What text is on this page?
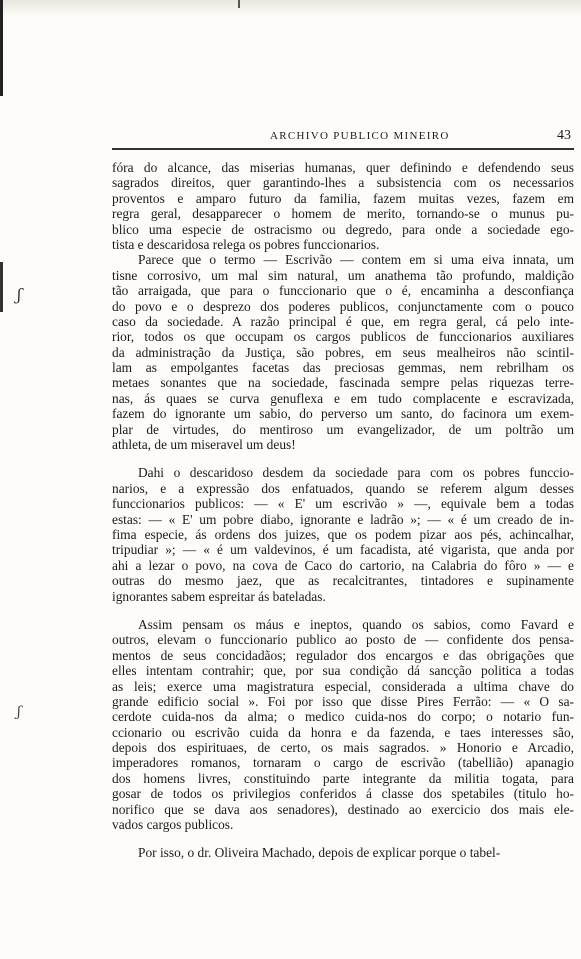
ʃ
ʃ
ARCHIVO PUBLICO MINEIRO	43
fóra do alcance, das miserias humanas, quer definindo e defendendo seus
sagrados direitos, quer garantindo-lhes a subsistencia com os necessarios
proventos e amparo futuro da familia, fazem muitas vezes, fazem em
regra geral, desapparecer o homem de merito, tornando-se o munus pu-
blico uma especie de ostracismo ou degredo, para onde a sociedade ego-
tista e descaridosa relega os pobres funccionarios.
Parece que o termo — Escrivão — contem em si uma eiva innata, um
tisne corrosivo, um mal sim natural, um anathema tão profundo, maldição
tão arraigada, que para o funccionario que o é, encaminha a desconfiança
do povo e o desprezo dos poderes publicos, conjunctamente com o pouco
caso da sociedade. A razão principal é que, em regra geral, cá pelo inte-
rior, todos os que occupam os cargos publicos de funccionarios auxiliares
da administração da Justiça, são pobres, em seus mealheiros não scintil-
lam as empolgantes facetas das preciosas gemmas, nem rebrilham os
metaes sonantes que na sociedade, fascinada sempre pelas riquezas terre-
nas, ás quaes se curva genuflexa e em tudo complacente e escravizada,
fazem do ignorante um sabio, do perverso um santo, do facinora um exem-
plar de virtudes, do mentiroso um evangelizador, de um poltrão um
athleta, de um miseravel um deus!
Dahi o descaridoso desdem da sociedade para com os pobres funccio-
narios, e a expressão dos enfatuados, quando se referem algum desses
funccionarios publicos: — « E' um escrivão » —, equivale bem a todas
estas: — « E' um pobre diabo, ignorante e ladrão »; — « é um creado de in-
fima especie, ás ordens dos juizes, que os podem pizar aos pés, achincalhar,
tripudiar »; — « é um valdevinos, é um facadista, até vigarista, que anda por
ahi a lezar o povo, na cova de Caco do cartorio, na Calabria do fôro » — e
outras do mesmo jaez, que as recalcitrantes, tintadores e supinamente
ignorantes sabem espreitar ás bateladas.
Assim pensam os máus e ineptos, quando os sabios, como Favard e
outros, elevam o funccionario publico ao posto de — confidente dos pensa-
mentos de seus concidadãos; regulador dos encargos e das obrigações que
elles intentam contrahir; que, por sua condição dá sancção politica a todas
as leis; exerce uma magistratura especial, considerada a ultima chave do
grande edificio social ». Foi por isso que disse Pires Ferrão: — « O sa-
cerdote cuida-nos da alma; o medico cuida-nos do corpo; o notario fun-
ccionario ou escrivão cuida da honra e da fazenda, e taes interesses são,
depois dos espirituaes, de certo, os mais sagrados. » Honorio e Arcadio,
imperadores romanos, tornaram o cargo de escrivão (tabellião) apanagio
dos homens livres, constituindo parte integrante da militia togata, para
gosar de todos os privilegios conferidos á classe dos spetabiles (titulo ho-
norifico que se dava aos senadores), destinado ao exercicio dos mais ele-
vados cargos publicos.
Por isso, o dr. Oliveira Machado, depois de explicar porque o tabel-
